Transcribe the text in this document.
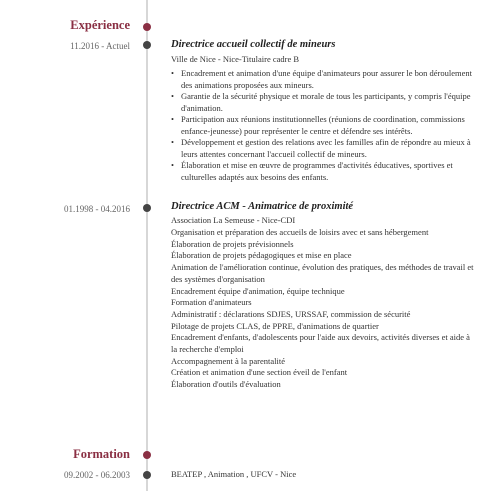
Expérience
11.2016 - Actuel	Directrice accueil collectif de mineurs
Ville de Nice - Nice-Titulaire cadre B
• Encadrement et animation d'une équipe d'animateurs pour assurer le bon déroulement des animations proposées aux mineurs.
• Garantie de la sécurité physique et morale de tous les participants, y compris l'équipe d'animation.
• Participation aux réunions institutionnelles (réunions de coordination, commissions enfance-jeunesse) pour représenter le centre et défendre ses intérêts.
• Développement et gestion des relations avec les familles afin de répondre au mieux à leurs attentes concernant l'accueil collectif de mineurs.
• Élaboration et mise en œuvre de programmes d'activités éducatives, sportives et culturelles adaptés aux besoins des enfants.
01.1998 - 04.2016	Directrice ACM - Animatrice de proximité
Association La Semeuse - Nice-CDI
Organisation et préparation des accueils de loisirs avec et sans hébergement
Élaboration de projets prévisionnels
Élaboration de projets pédagogiques et mise en place
Animation de l'amélioration continue, évolution des pratiques, des méthodes de travail et des systèmes d'organisation
Encadrement équipe d'animation, équipe technique
Formation d'animateurs
Administratif : déclarations SDJES, URSSAF, commission de sécurité
Pilotage de projets CLAS, de PPRE, d'animations de quartier
Encadrement d'enfants, d'adolescents pour l'aide aux devoirs, activités diverses et aide à la recherche d'emploi
Accompagnement à la parentalité
Création et animation d'une section éveil de l'enfant
Élaboration d'outils d'évaluation
Formation
09.2002 - 06.2003	BEATEP , Animation , UFCV - Nice
